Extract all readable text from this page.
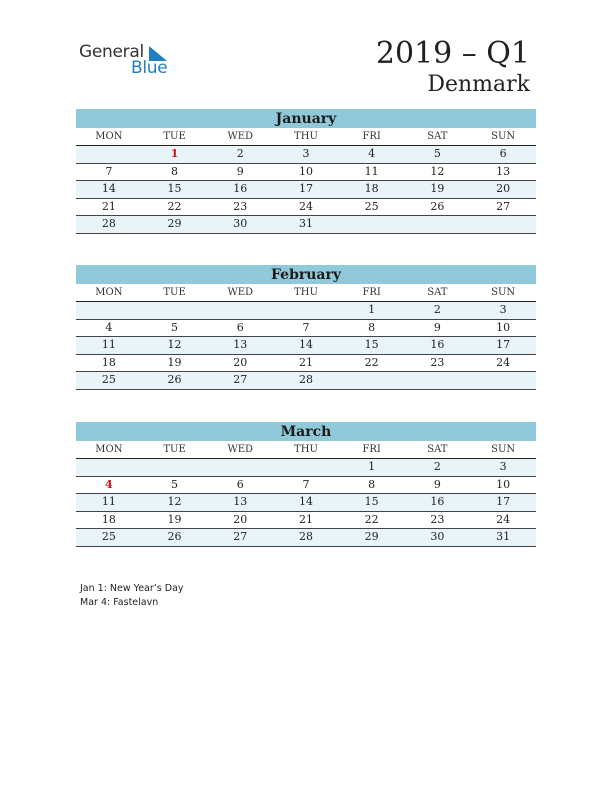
General
Blue	2019 – Q1
Denmark
January
MON	TUE	WED	THU	FRI	SAT	SUN
	1	2	3	4	5	6
7	8	9	10	11	12	13
14	15	16	17	18	19	20
21	22	23	24	25	26	27
28	29	30	31			
February
MON	TUE	WED	THU	FRI	SAT	SUN
				1	2	3
4	5	6	7	8	9	10
11	12	13	14	15	16	17
18	19	20	21	22	23	24
25	26	27	28			
March
MON	TUE	WED	THU	FRI	SAT	SUN
				1	2	3
4	5	6	7	8	9	10
11	12	13	14	15	16	17
18	19	20	21	22	23	24
25	26	27	28	29	30	31
Jan 1: New Year’s Day
Mar 4: Fastelavn
